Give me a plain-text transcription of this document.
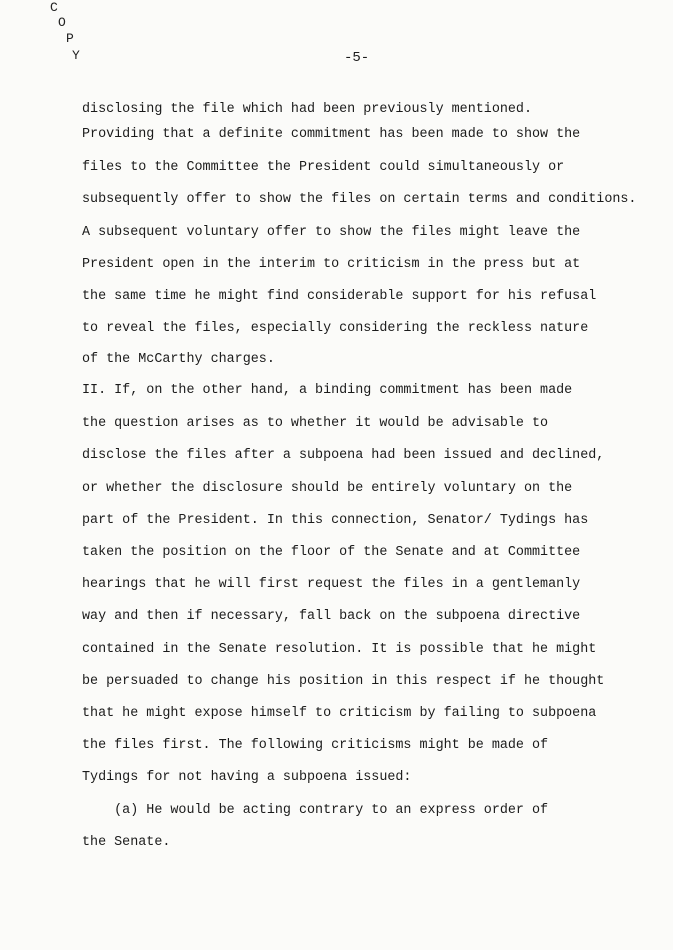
C
O
P
Y	-5-
disclosing the file which had been previously mentioned.
Providing that a definite commitment has been made to show the
files to the Committee the President could simultaneously or
subsequently offer to show the files on certain terms and conditions.
A subsequent voluntary offer to show the files might leave the
President open in the interim to criticism in the press but at
the same time he might find considerable support for his refusal
to reveal the files, especially considering the reckless nature
of the McCarthy charges.
II. If, on the other hand, a binding commitment has been made
the question arises as to whether it would be advisable to
disclose the files after a subpoena had been issued and declined,
or whether the disclosure should be entirely voluntary on the
part of the President. In this connection, Senator/ Tydings has
taken the position on the floor of the Senate and at Committee
hearings that he will first request the files in a gentlemanly
way and then if necessary, fall back on the subpoena directive
contained in the Senate resolution. It is possible that he might
be persuaded to change his position in this respect if he thought
that he might expose himself to criticism by failing to subpoena
the files first. The following criticisms might be made of
Tydings for not having a subpoena issued:
(a) He would be acting contrary to an express order of
the Senate.
